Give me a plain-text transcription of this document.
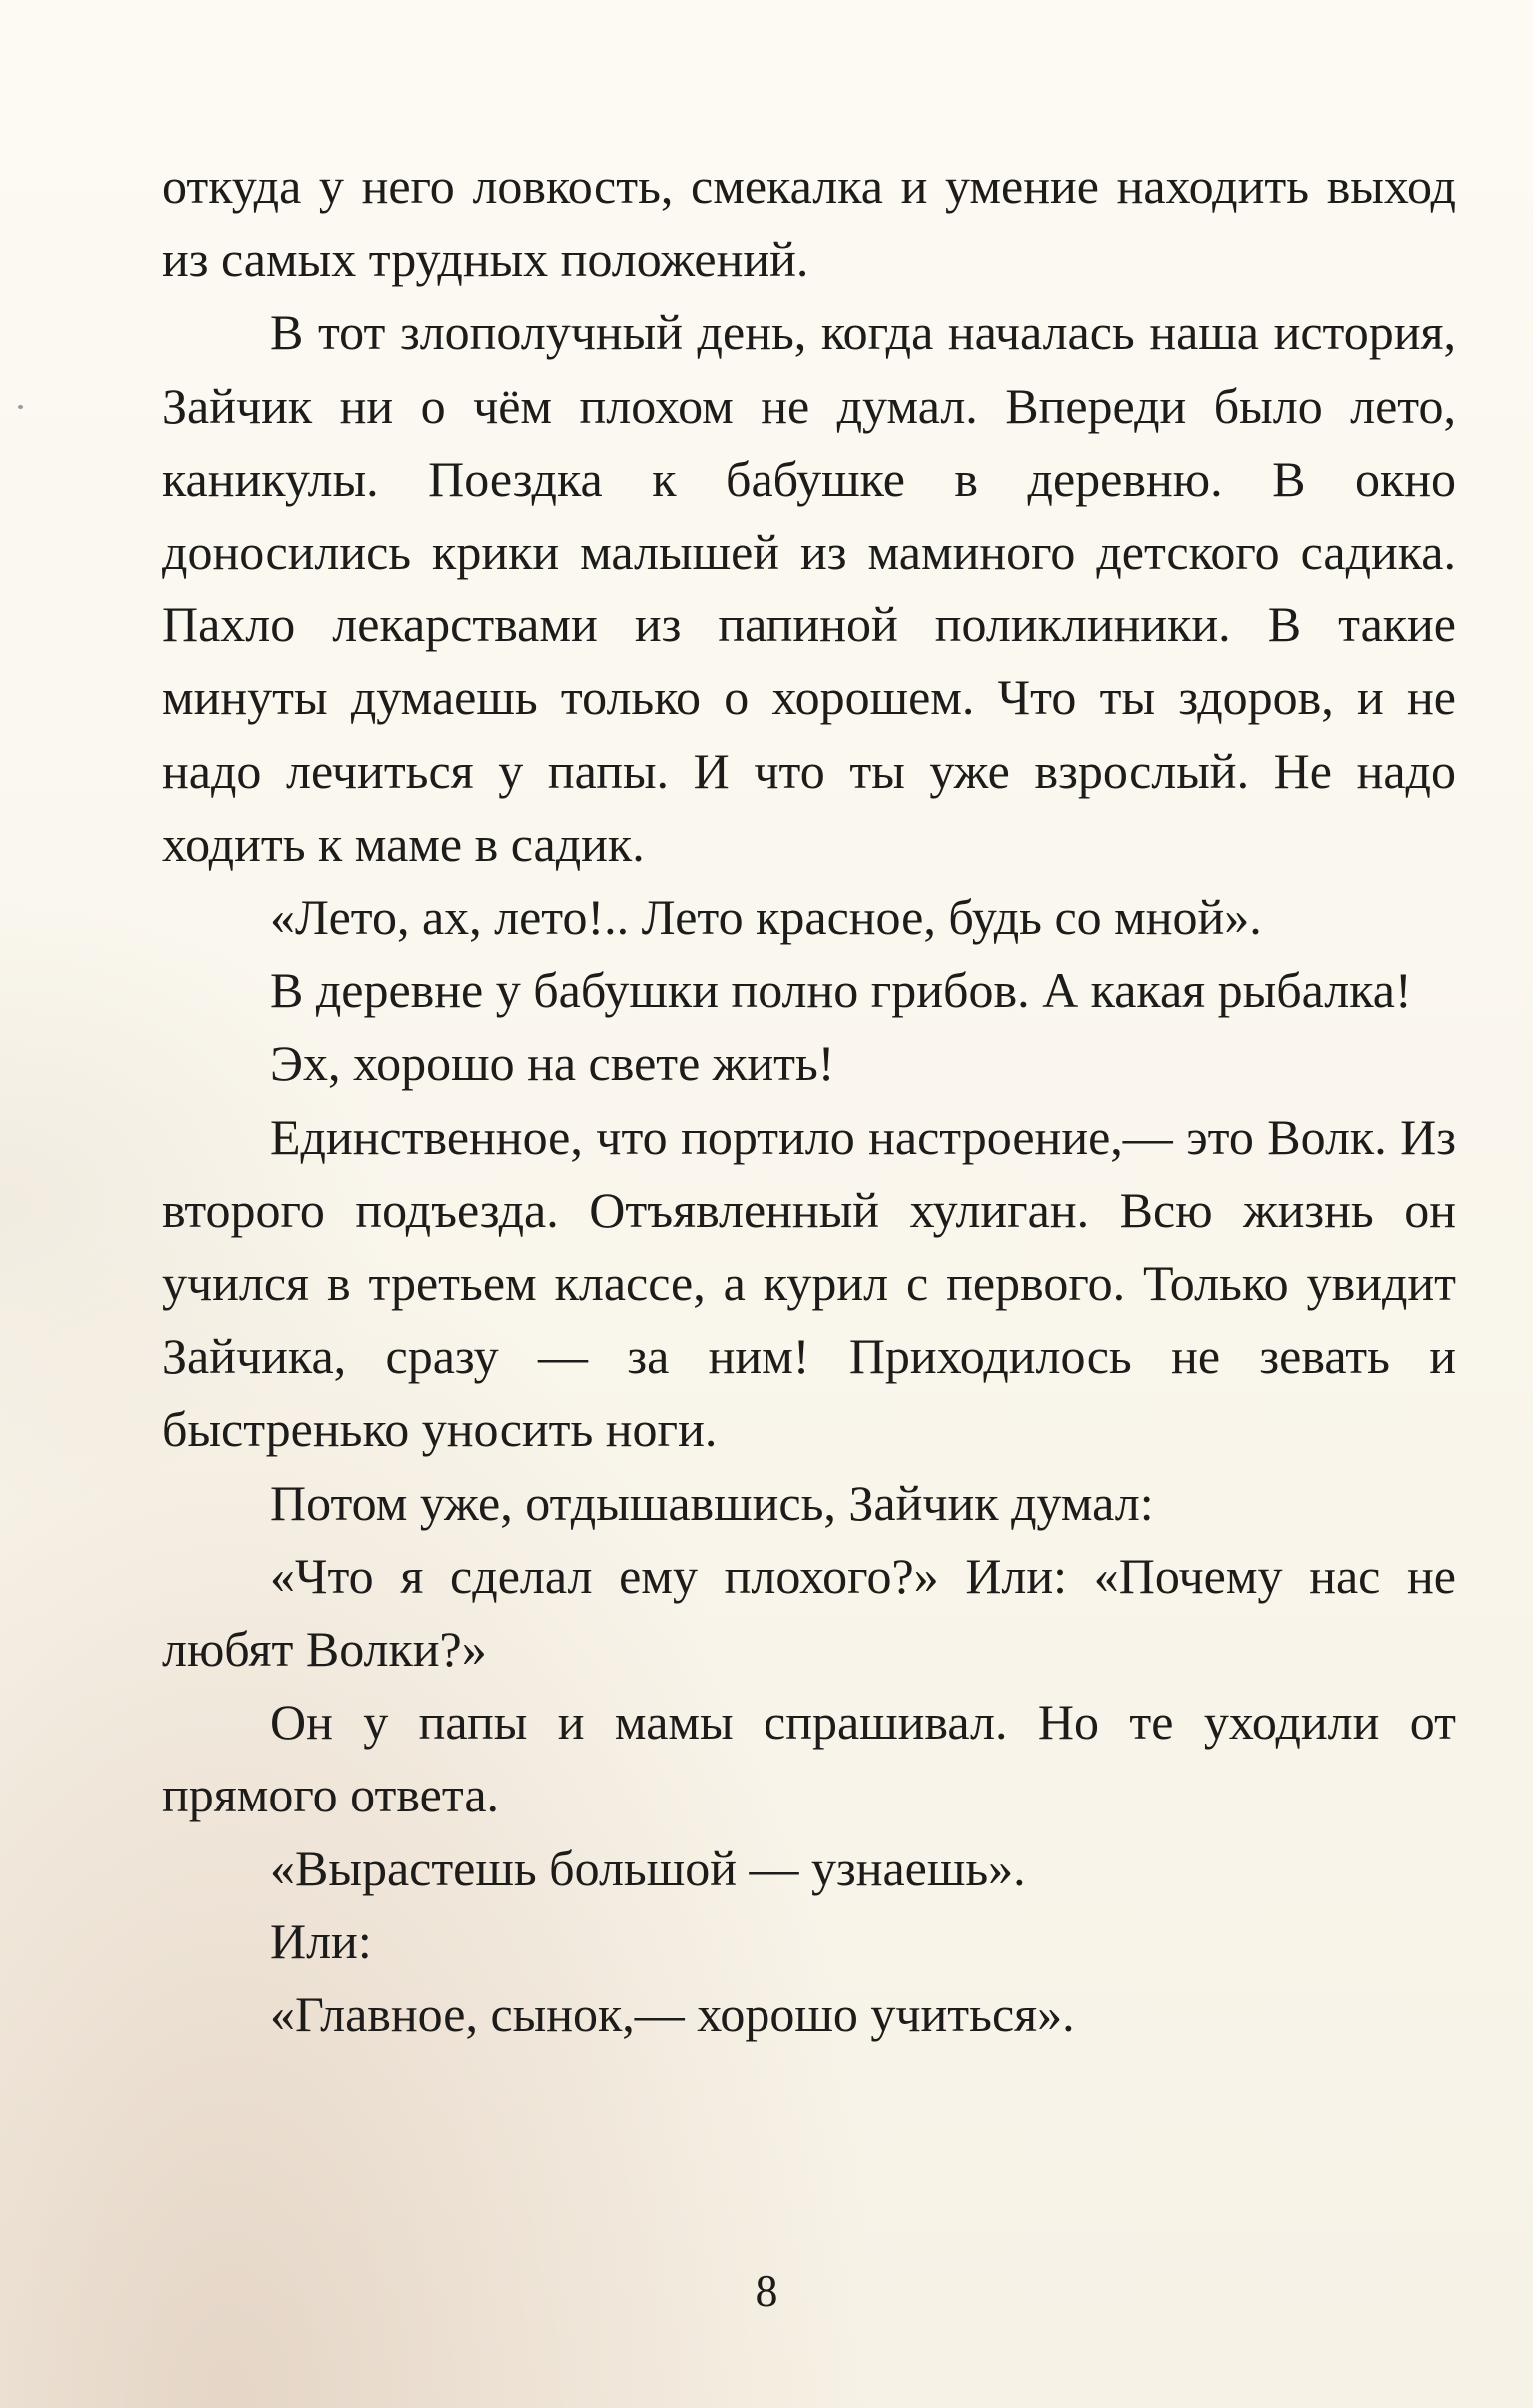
откуда у него ловкость, смекалка и умение находить выход из самых трудных положений.

В тот злополучный день, когда началась наша история, Зайчик ни о чём плохом не думал. Впереди было лето, каникулы. Поездка к бабушке в деревню. В окно доносились крики малышей из маминого детского садика. Пахло лекарствами из папиной поликлиники. В такие минуты думаешь только о хорошем. Что ты здоров, и не надо лечиться у папы. И что ты уже взрослый. Не надо ходить к маме в садик.

«Лето, ах, лето!.. Лето красное, будь со мной».

В деревне у бабушки полно грибов. А какая рыбалка!

Эх, хорошо на свете жить!

Единственное, что портило настроение,— это Волк. Из второго подъезда. Отъявленный хулиган. Всю жизнь он учился в третьем классе, а курил с первого. Только увидит Зайчика, сразу — за ним! Приходилось не зевать и быстренько уносить ноги.

Потом уже, отдышавшись, Зайчик думал:

«Что я сделал ему плохого?» Или: «Почему нас не любят Волки?»

Он у папы и мамы спрашивал. Но те уходили от прямого ответа.

«Вырастешь большой — узнаешь».

Или:

«Главное, сынок,— хорошо учиться».

8
